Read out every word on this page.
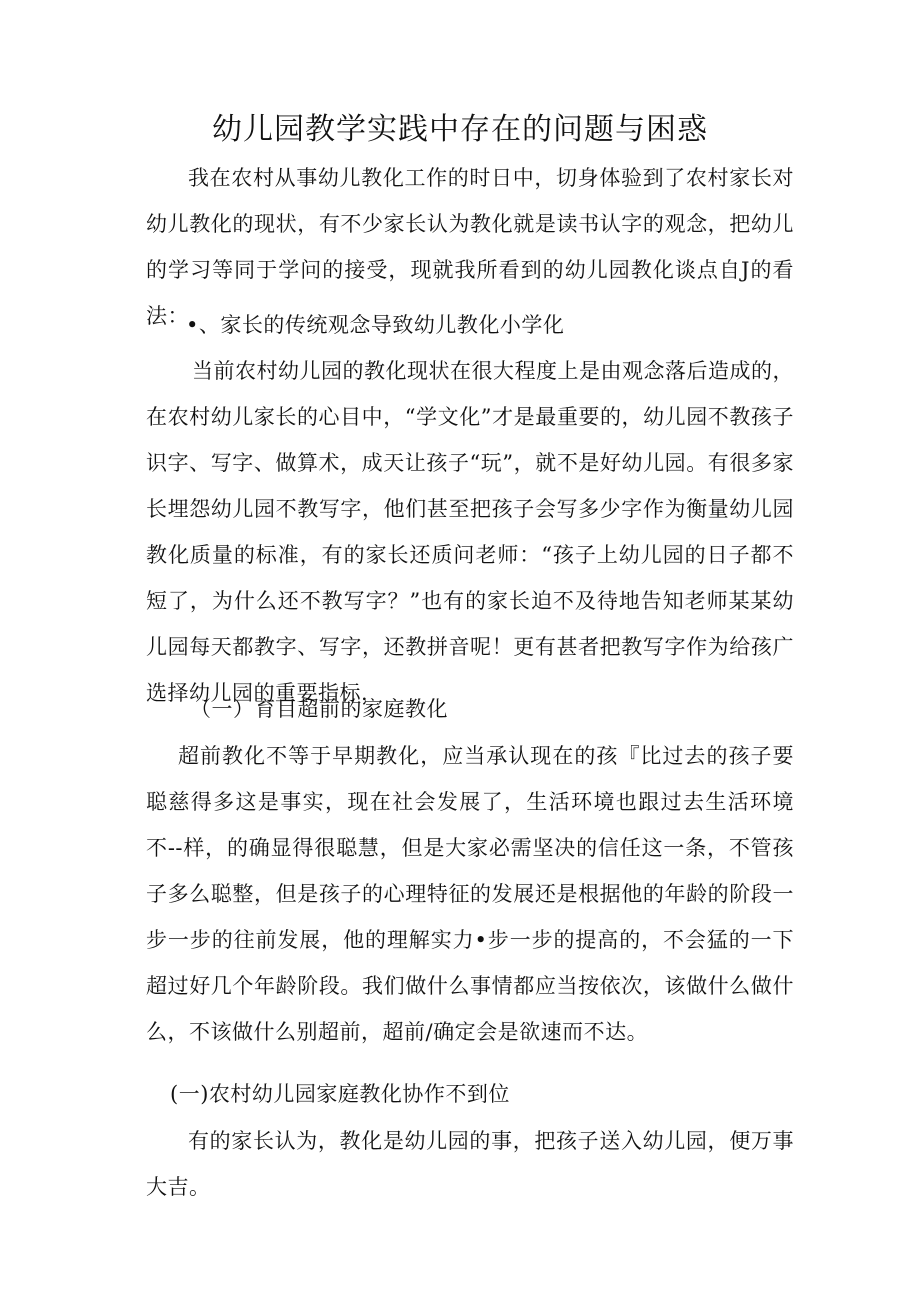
幼儿园教学实践中存在的问题与困惑

我在农村从事幼儿教化工作的时日中，切身体验到了农村家长对幼儿教化的现状，有不少家长认为教化就是读书认字的观念，把幼儿的学习等同于学问的接受，现就我所看到的幼儿园教化谈点自J的看法：

•、家长的传统观念导致幼儿教化小学化

当前农村幼儿园的教化现状在很大程度上是由观念落后造成的，在农村幼儿家长的心目中，“学文化”才是最重要的，幼儿园不教孩子识字、写字、做算术，成天让孩子“玩”，就不是好幼儿园。有很多家长埋怨幼儿园不教写字，他们甚至把孩子会写多少字作为衡量幼儿园教化质量的标准，有的家长还质问老师：“孩子上幼儿园的日子都不短了，为什么还不教写字？”也有的家长迫不及待地告知老师某某幼儿园每天都教字、写字，还教拼音呢！更有甚者把教写字作为给孩广选择幼儿园的重要指标.

（一）育目超前的家庭教化

超前教化不等于早期教化，应当承认现在的孩『比过去的孩子要聪慈得多这是事实，现在社会发展了，生活环境也跟过去生活环境不--样，的确显得很聪慧，但是大家必需坚决的信任这一条，不管孩子多么聪整，但是孩子的心理特征的发展还是根据他的年龄的阶段一步一步的往前发展，他的理解实力•步一步的提高的，不会猛的一下超过好几个年龄阶段。我们做什么事情都应当按依次，该做什么做什么，不该做什么别超前，超前/确定会是欲速而不达。

(一)农村幼儿园家庭教化协作不到位

有的家长认为，教化是幼儿园的事，把孩子送入幼儿园，便万事大吉。
